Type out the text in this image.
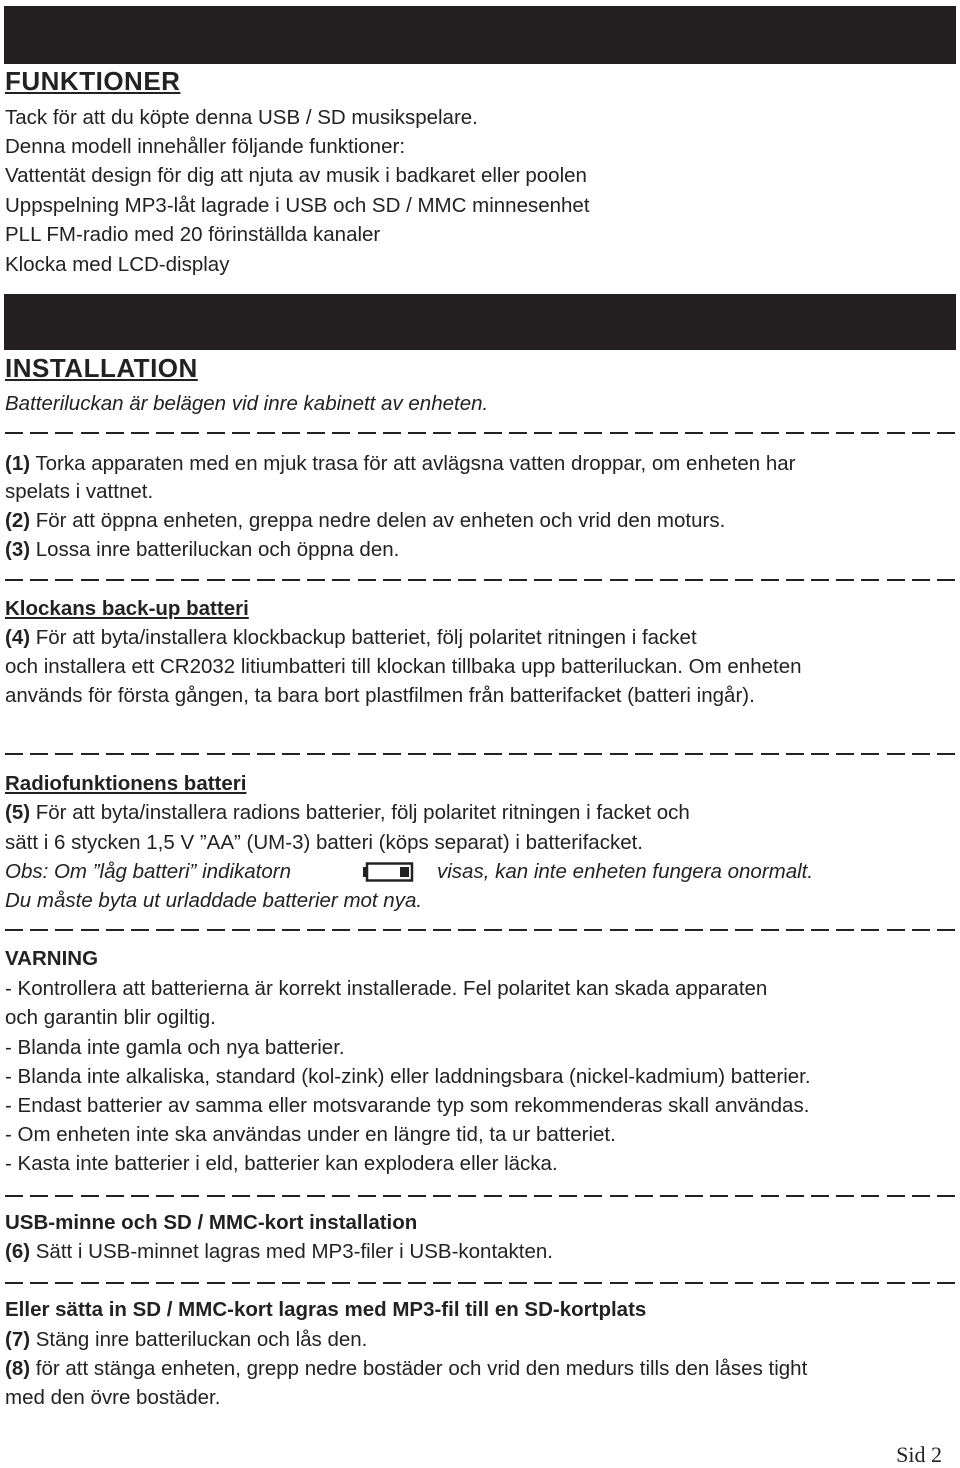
FUNKTIONER
Tack för att du köpte denna USB / SD musikspelare.
Denna modell innehåller följande funktioner:
Vattentät design för dig att njuta av musik i badkaret eller poolen
Uppspelning MP3-låt lagrade i USB och SD / MMC minnesenhet
PLL FM-radio med 20 förinställda kanaler
Klocka med LCD-display
INSTALLATION
Batteriluckan är belägen vid inre kabinett av enheten.
(1) Torka apparaten med en mjuk trasa för att avlägsna vatten droppar, om enheten har
spelats i vattnet.
(2) För att öppna enheten, greppa nedre delen av enheten och vrid den moturs.
(3) Lossa inre batteriluckan och öppna den.
Klockans back-up batteri
(4) För att byta/installera klockbackup batteriet, följ polaritet ritningen i facket
och installera ett CR2032 litiumbatteri till klockan tillbaka upp batteriluckan. Om enheten
används för första gången, ta bara bort plastfilmen från batterifacket (batteri ingår).
Radiofunktionens batteri
(5) För att byta/installera radions batterier, följ polaritet ritningen i facket och
sätt i 6 stycken 1,5 V ”AA” (UM-3) batteri (köps separat) i batterifacket.
Obs: Om ”låg batteri” indikatorn	visas, kan inte enheten fungera onormalt.
Du måste byta ut urladdade batterier mot nya.
VARNING
- Kontrollera att batterierna är korrekt installerade. Fel polaritet kan skada apparaten
och garantin blir ogiltig.
- Blanda inte gamla och nya batterier.
- Blanda inte alkaliska, standard (kol-zink) eller laddningsbara (nickel-kadmium) batterier.
- Endast batterier av samma eller motsvarande typ som rekommenderas skall användas.
- Om enheten inte ska användas under en längre tid, ta ur batteriet.
- Kasta inte batterier i eld, batterier kan explodera eller läcka.
USB-minne och SD / MMC-kort installation
(6) Sätt i USB-minnet lagras med MP3-filer i USB-kontakten.
Eller sätta in SD / MMC-kort lagras med MP3-fil till en SD-kortplats
(7) Stäng inre batteriluckan och lås den.
(8) för att stänga enheten, grepp nedre bostäder och vrid den medurs tills den låses tight
med den övre bostäder.
Sid 2
